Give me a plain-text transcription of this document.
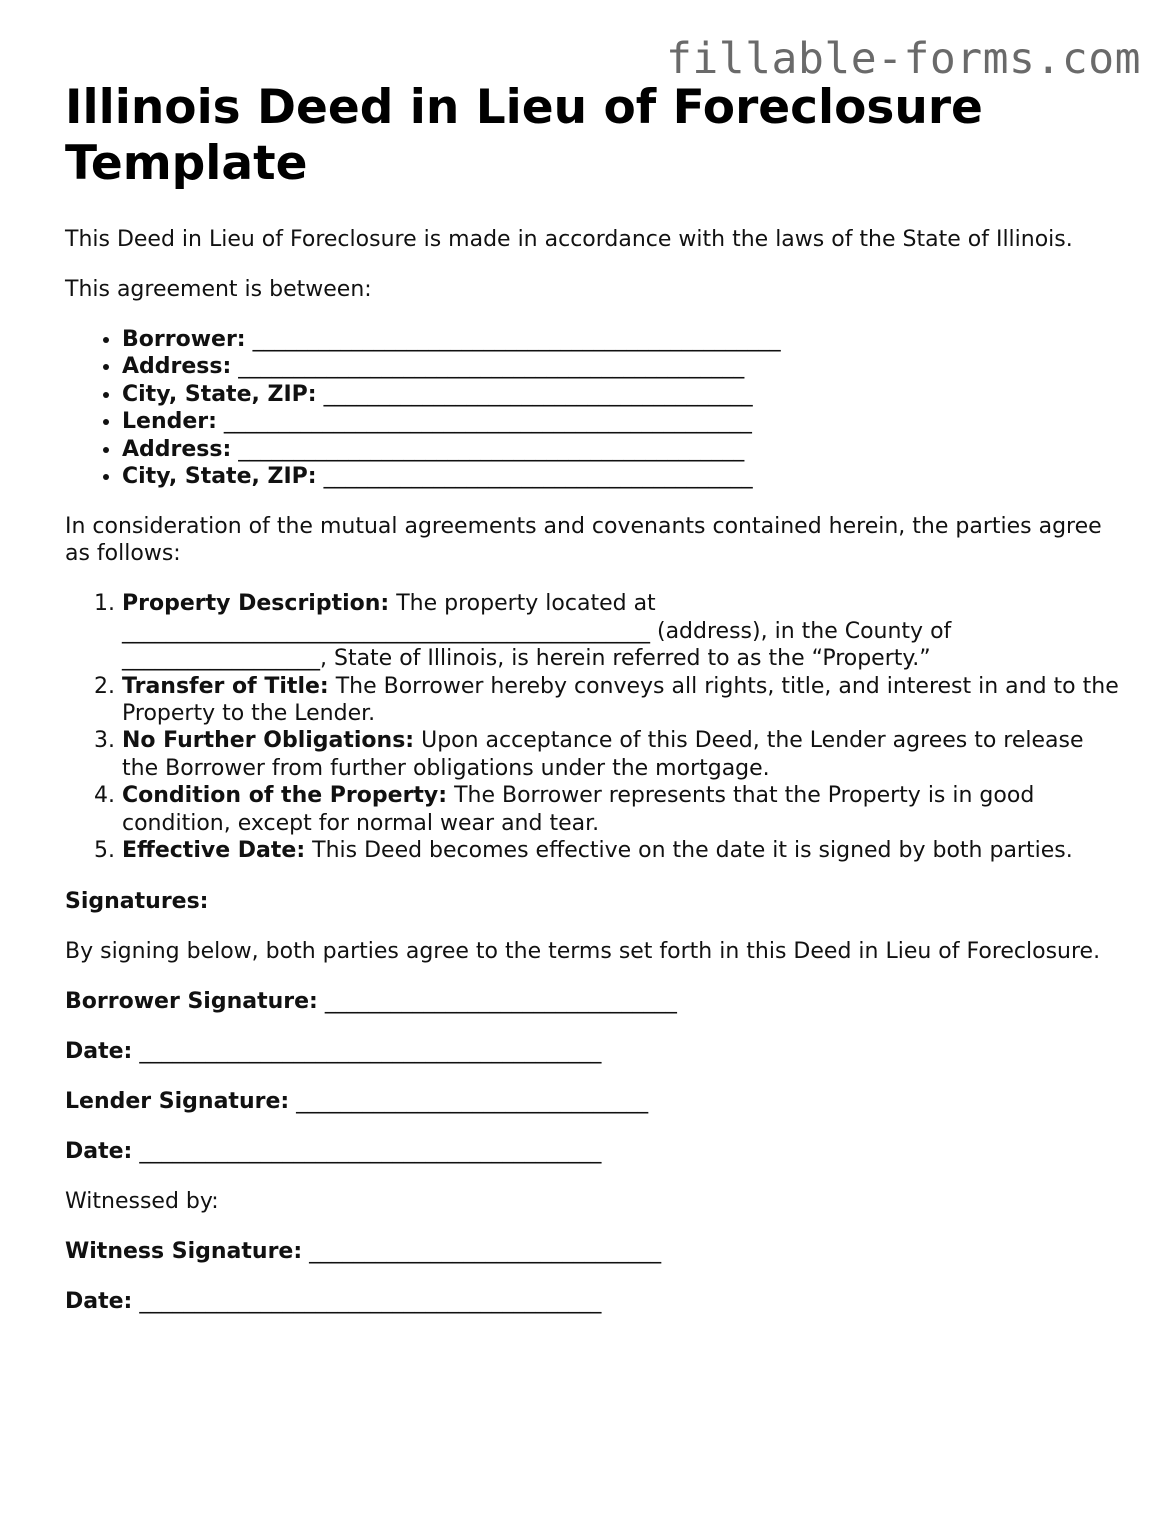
fillable-forms.com
Illinois Deed in Lieu of Foreclosure Template

This Deed in Lieu of Foreclosure is made in accordance with the laws of the State of Illinois.

This agreement is between:

• Borrower: ________________________________________________
• Address: ______________________________________________
• City, State, ZIP: _______________________________________
• Lender: ________________________________________________
• Address: ______________________________________________
• City, State, ZIP: _______________________________________

In consideration of the mutual agreements and covenants contained herein, the parties agree as follows:

1. Property Description: The property located at ________________________________________________ (address), in the County of __________________, State of Illinois, is herein referred to as the “Property.”
2. Transfer of Title: The Borrower hereby conveys all rights, title, and interest in and to the Property to the Lender.
3. No Further Obligations: Upon acceptance of this Deed, the Lender agrees to release the Borrower from further obligations under the mortgage.
4. Condition of the Property: The Borrower represents that the Property is in good condition, except for normal wear and tear.
5. Effective Date: This Deed becomes effective on the date it is signed by both parties.

Signatures:

By signing below, both parties agree to the terms set forth in this Deed in Lieu of Foreclosure.

Borrower Signature: ________________________________

Date: __________________________________________

Lender Signature: ________________________________

Date: __________________________________________

Witnessed by:

Witness Signature: ________________________________

Date: __________________________________________
